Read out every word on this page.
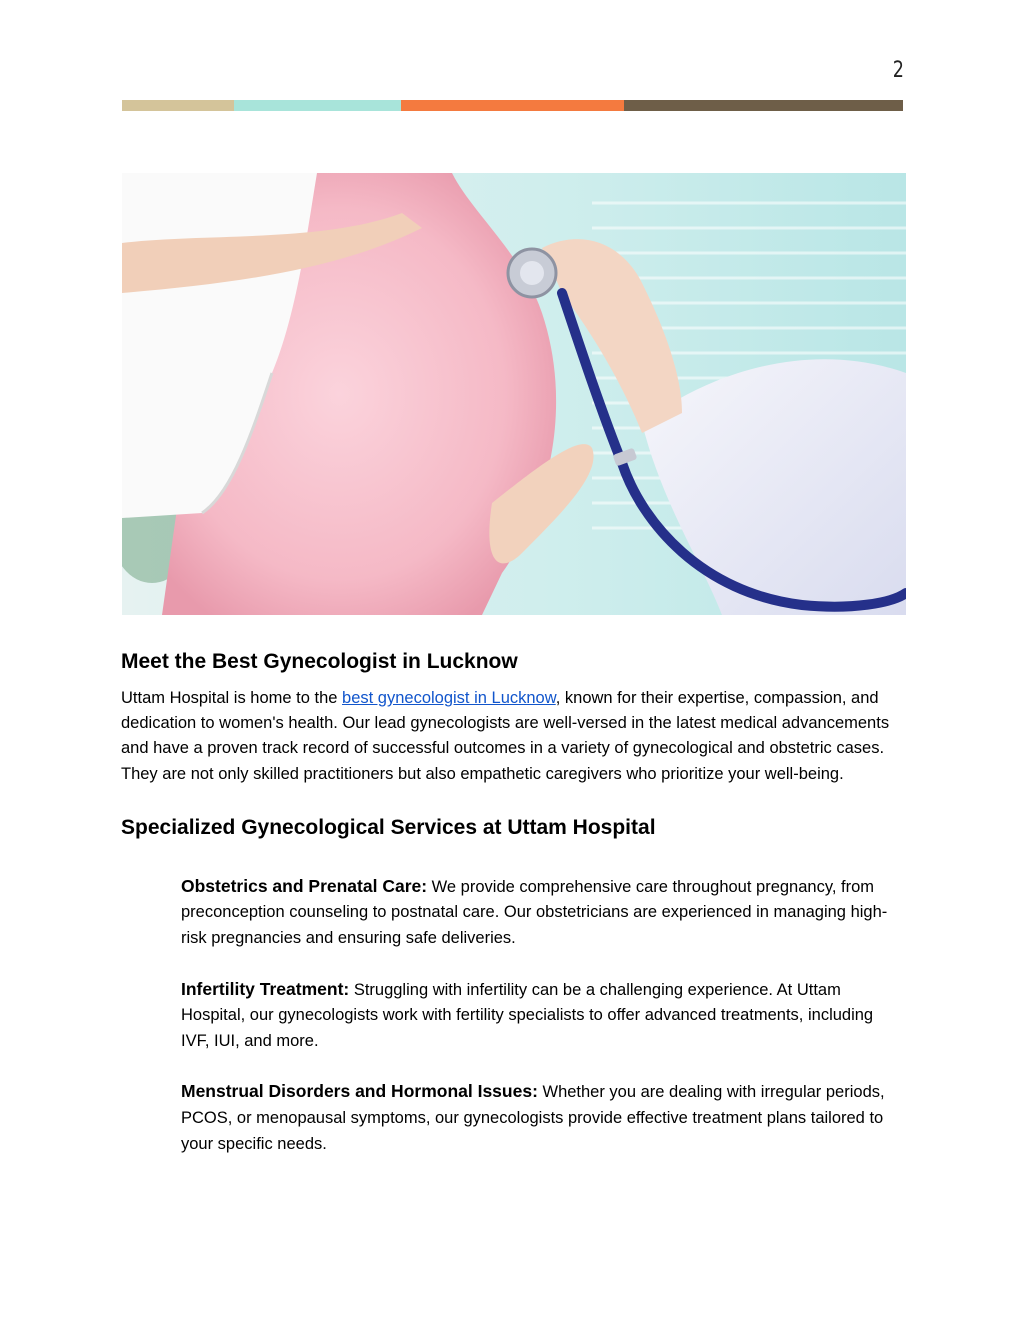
2
Meet the Best Gynecologist in Lucknow

Uttam Hospital is home to the best gynecologist in Lucknow, known for their expertise, compassion, and dedication to women's health. Our lead gynecologists are well-versed in the latest medical advancements and have a proven track record of successful outcomes in a variety of gynecological and obstetric cases. They are not only skilled practitioners but also empathetic caregivers who prioritize your well-being.

Specialized Gynecological Services at Uttam Hospital

Obstetrics and Prenatal Care: We provide comprehensive care throughout pregnancy, from preconception counseling to postnatal care. Our obstetricians are experienced in managing high-risk pregnancies and ensuring safe deliveries.

Infertility Treatment: Struggling with infertility can be a challenging experience. At Uttam Hospital, our gynecologists work with fertility specialists to offer advanced treatments, including IVF, IUI, and more.

Menstrual Disorders and Hormonal Issues: Whether you are dealing with irregular periods, PCOS, or menopausal symptoms, our gynecologists provide effective treatment plans tailored to your specific needs.
